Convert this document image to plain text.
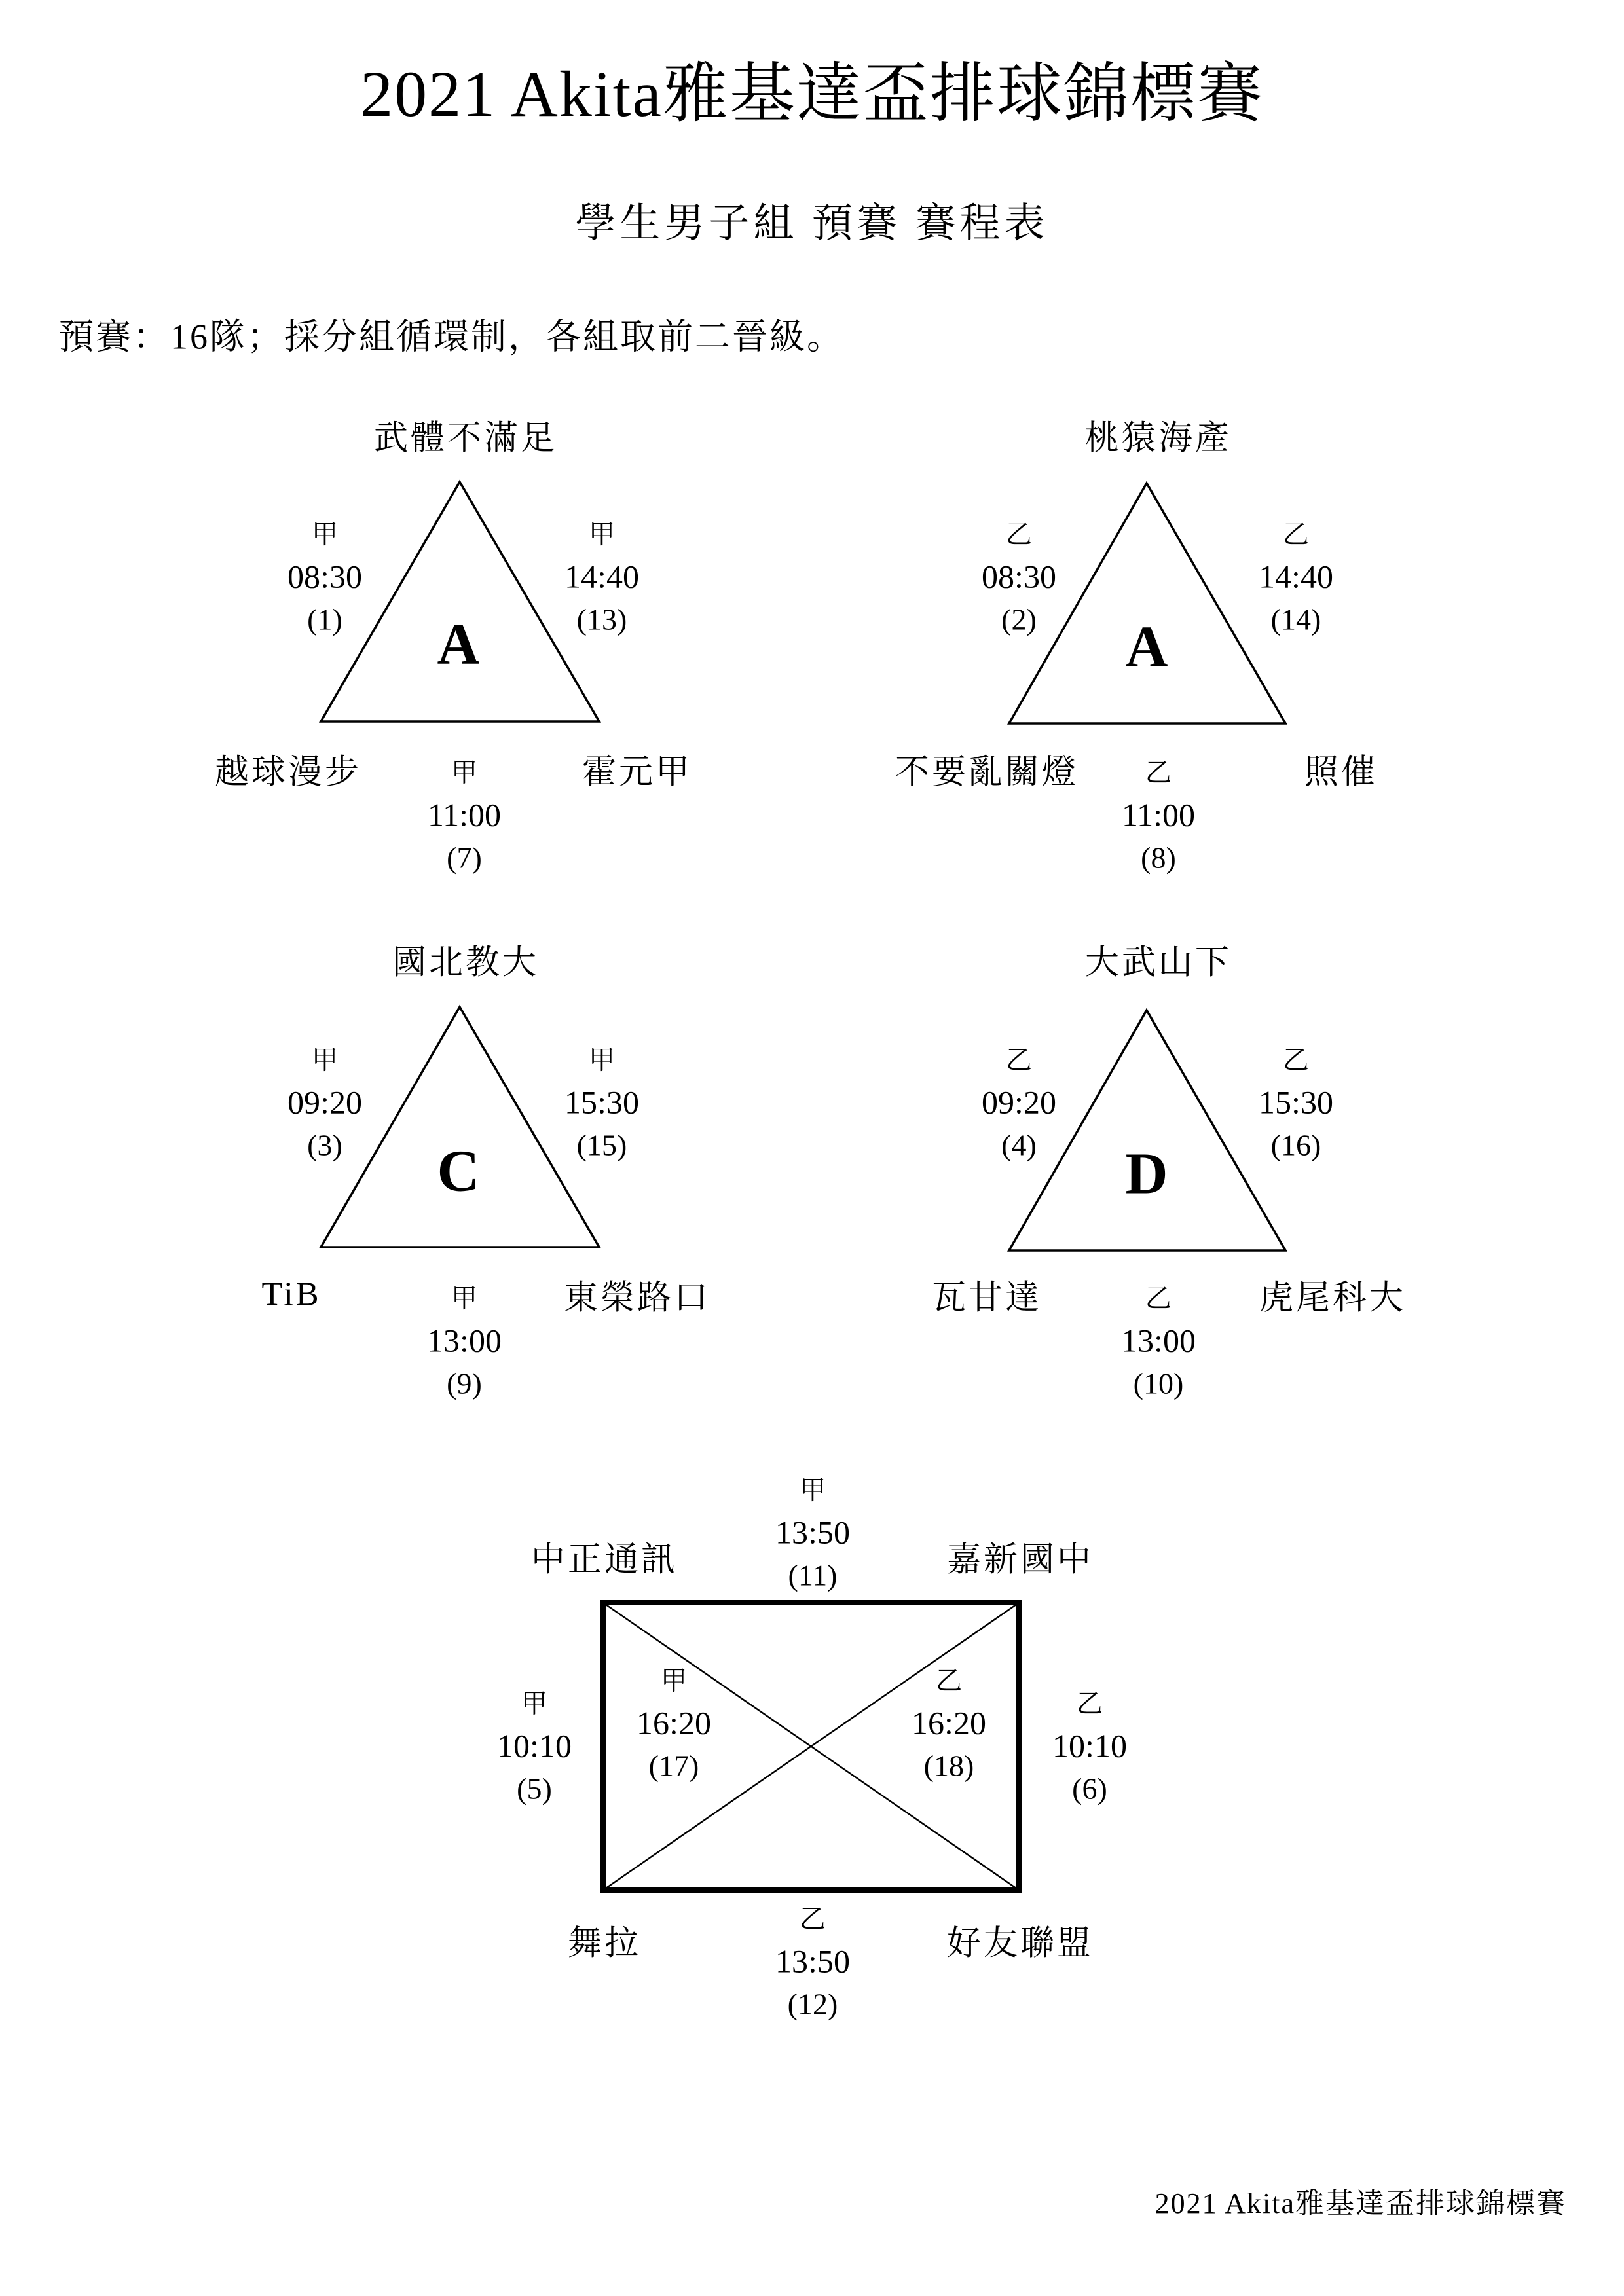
2021 Akita雅基達盃排球錦標賽
學生男子組 預賽 賽程表
預賽：16隊；採分組循環制，各組取前二晉級。
武體不滿足
A
越球漫步	霍元甲
甲
08:30
(1)
甲
14:40
(13)
甲
11:00
(7)
桃猿海產
A
不要亂關燈	照催
乙
08:30
(2)
乙
14:40
(14)
乙
11:00
(8)
國北教大
C
TiB	東榮路口
甲
09:20
(3)
甲
15:30
(15)
甲
13:00
(9)
大武山下
D
瓦甘達	虎尾科大
乙
09:20
(4)
乙
15:30
(16)
乙
13:00
(10)
中正通訊	嘉新國中
舞拉	好友聯盟
甲
13:50
(11)
甲
10:10
(5)
甲
16:20
(17)
乙
16:20
(18)
乙
10:10
(6)
乙
13:50
(12)
2021 Akita雅基達盃排球錦標賽
